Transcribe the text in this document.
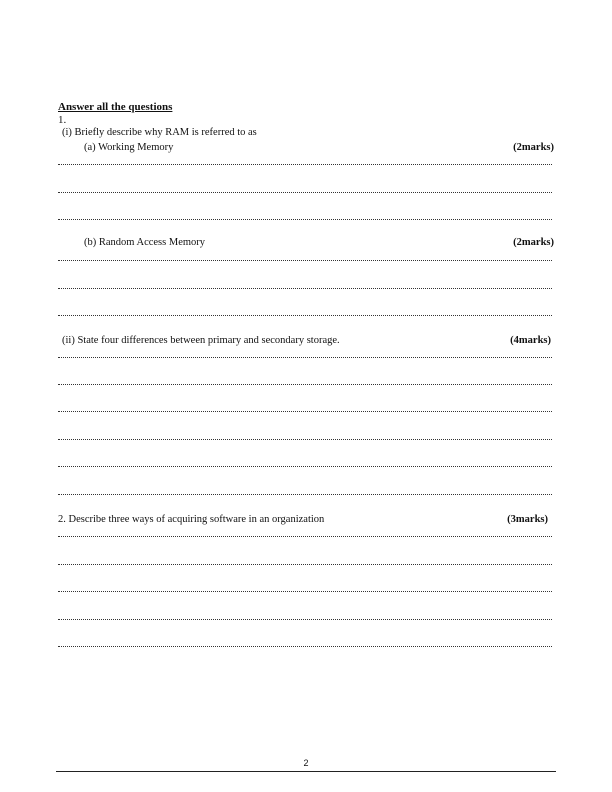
Answer all the questions
1.
(i) Briefly describe why RAM is referred to as
(a) Working Memory	(2marks)
(b) Random Access Memory	(2marks)
(ii) State four differences between primary and secondary storage.	(4marks)
2. Describe three ways of acquiring software in an organization	(3marks)
2
